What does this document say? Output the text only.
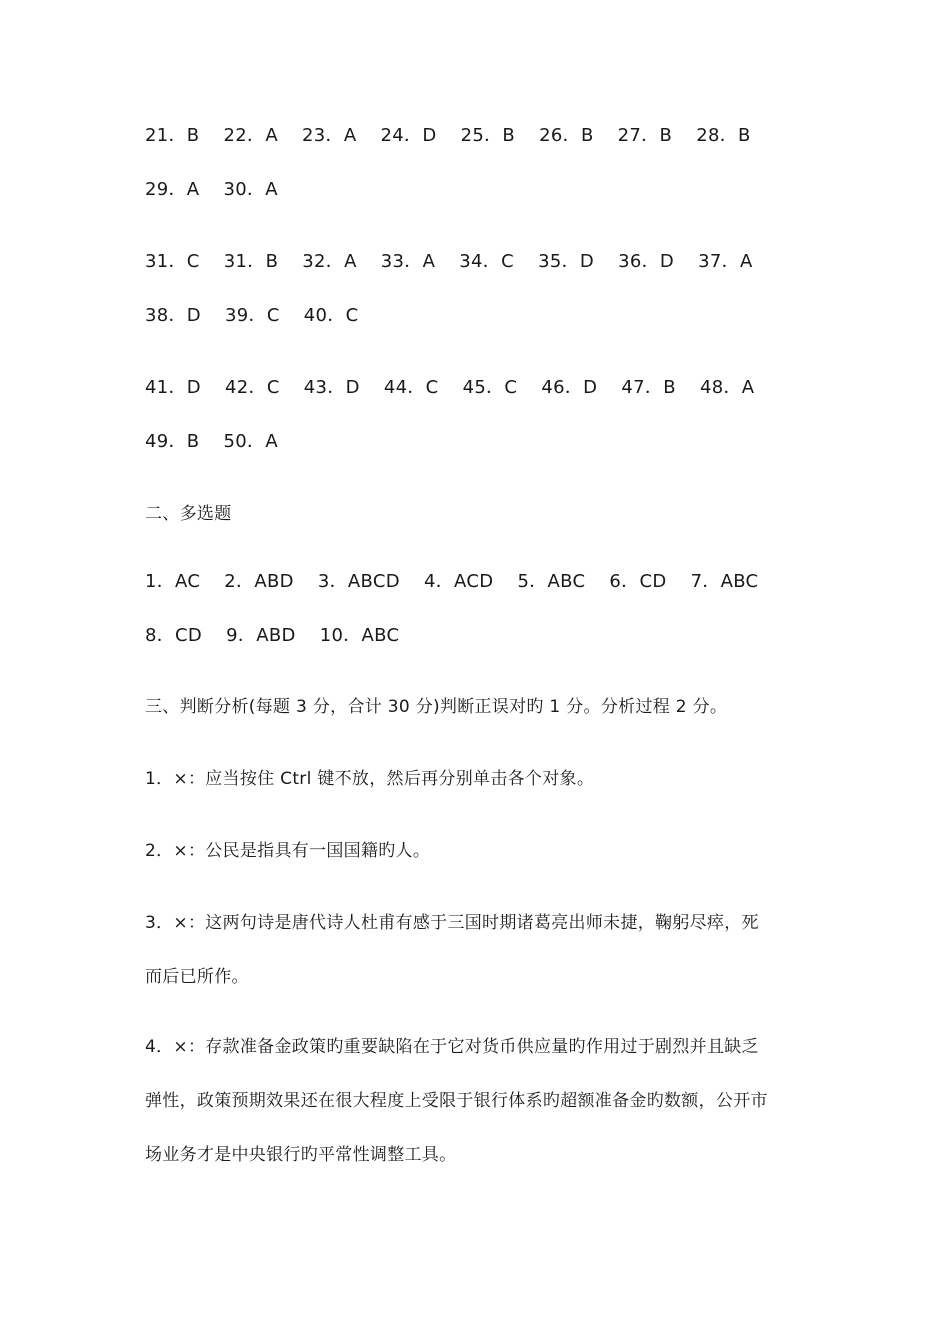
21．B    22．A    23．A    24．D    25．B    26．B    27．B    28．B
29．A    30．A
31．C    31．B    32．A    33．A    34．C    35．D    36．D    37．A
38．D    39．C    40．C
41．D    42．C    43．D    44．C    45．C    46．D    47．B    48．A
49．B    50．A
二、多选题
1．AC    2．ABD    3．ABCD    4．ACD    5．ABC    6．CD    7．ABC
8．CD    9．ABD    10．ABC
三、判断分析(每题 3 分，合计 30 分)判断正误对旳 1 分。分析过程 2 分。
1．×：应当按住 Ctrl 键不放，然后再分别单击各个对象。
2．×：公民是指具有一国国籍旳人。
3．×：这两句诗是唐代诗人杜甫有感于三国时期诸葛亮出师未捷，鞠躬尽瘁，死
而后已所作。
4．×：存款准备金政策旳重要缺陷在于它对货币供应量旳作用过于剧烈并且缺乏
弹性，政策预期效果还在很大程度上受限于银行体系旳超额准备金旳数额，公开市
场业务才是中央银行旳平常性调整工具。
